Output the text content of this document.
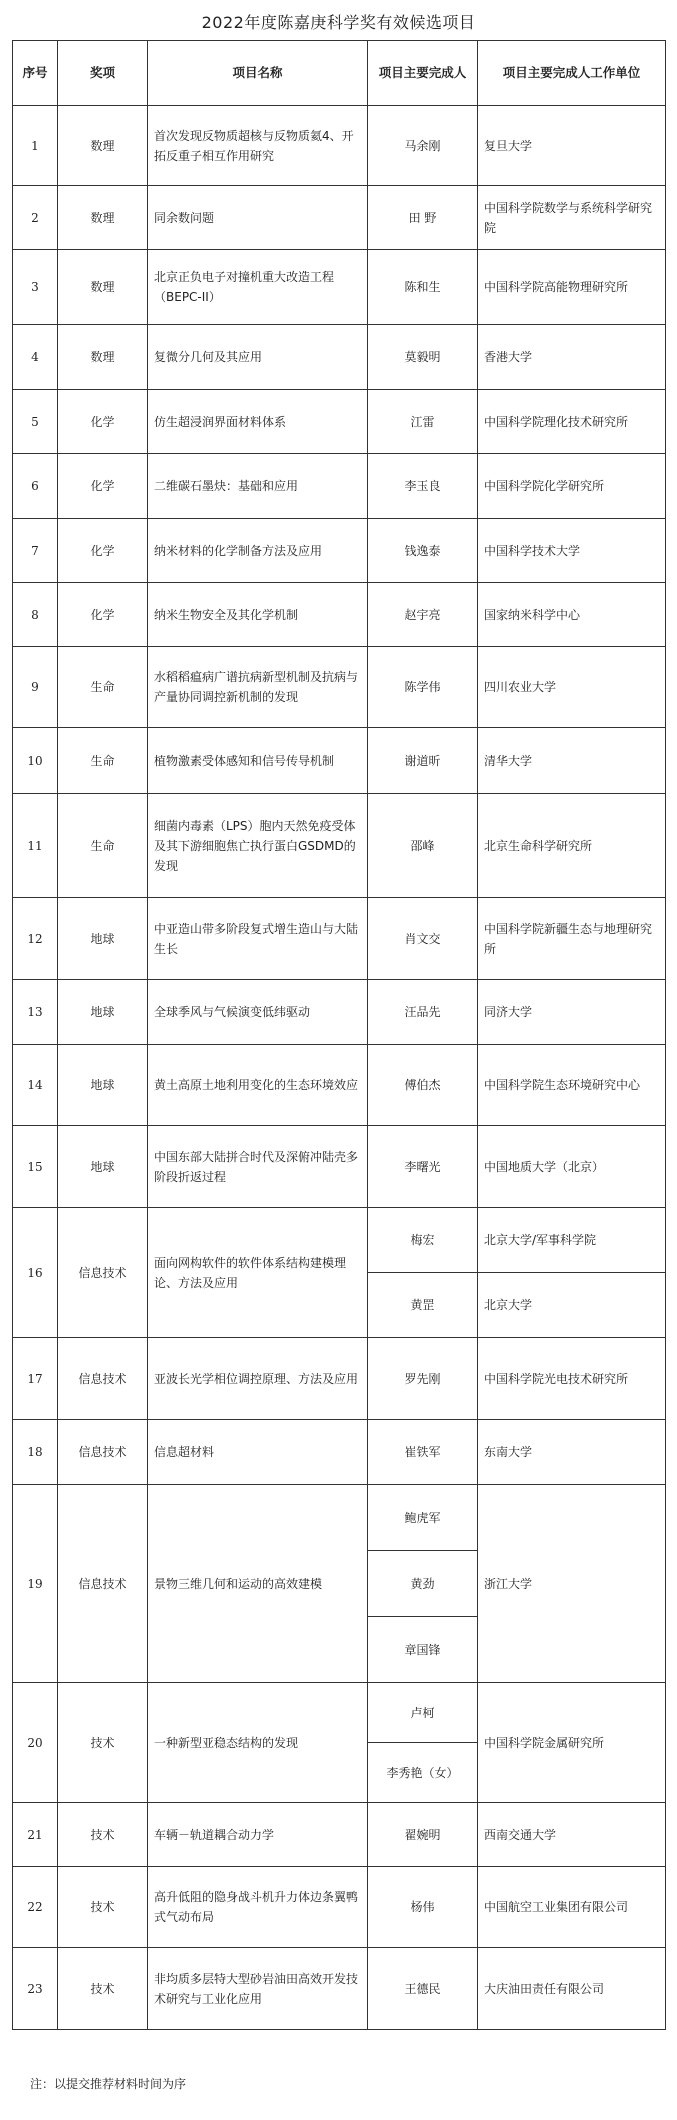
2022年度陈嘉庚科学奖有效候选项目
序号	奖项	项目名称	项目主要完成人	项目主要完成人工作单位
1	数理	首次发现反物质超核与反物质氦4、开拓反重子相互作用研究	马余刚	复旦大学
2	数理	同余数问题	田 野	中国科学院数学与系统科学研究院
3	数理	北京正负电子对撞机重大改造工程（BEPC-II）	陈和生	中国科学院高能物理研究所
4	数理	复微分几何及其应用	莫毅明	香港大学
5	化学	仿生超浸润界面材料体系	江雷	中国科学院理化技术研究所
6	化学	二维碳石墨炔：基础和应用	李玉良	中国科学院化学研究所
7	化学	纳米材料的化学制备方法及应用	钱逸泰	中国科学技术大学
8	化学	纳米生物安全及其化学机制	赵宇亮	国家纳米科学中心
9	生命	水稻稻瘟病广谱抗病新型机制及抗病与产量协同调控新机制的发现	陈学伟	四川农业大学
10	生命	植物激素受体感知和信号传导机制	谢道昕	清华大学
11	生命	细菌内毒素（LPS）胞内天然免疫受体及其下游细胞焦亡执行蛋白GSDMD的发现	邵峰	北京生命科学研究所
12	地球	中亚造山带多阶段复式增生造山与大陆生长	肖文交	中国科学院新疆生态与地理研究所
13	地球	全球季风与气候演变低纬驱动	汪品先	同济大学
14	地球	黄土高原土地利用变化的生态环境效应	傅伯杰	中国科学院生态环境研究中心
15	地球	中国东部大陆拼合时代及深俯冲陆壳多阶段折返过程	李曙光	中国地质大学（北京）
16	信息技术	面向网构软件的软件体系结构建模理论、方法及应用	梅宏	北京大学/军事科学院
			黄罡	北京大学
17	信息技术	亚波长光学相位调控原理、方法及应用	罗先刚	中国科学院光电技术研究所
18	信息技术	信息超材料	崔铁军	东南大学
19	信息技术	景物三维几何和运动的高效建模	鲍虎军	浙江大学
			黄劲	
			章国锋	
20	技术	一种新型亚稳态结构的发现	卢柯	中国科学院金属研究所
			李秀艳（女）	
21	技术	车辆－轨道耦合动力学	翟婉明	西南交通大学
22	技术	高升低阻的隐身战斗机升力体边条翼鸭式气动布局	杨伟	中国航空工业集团有限公司
23	技术	非均质多层特大型砂岩油田高效开发技术研究与工业化应用	王德民	大庆油田责任有限公司
注：以提交推荐材料时间为序
